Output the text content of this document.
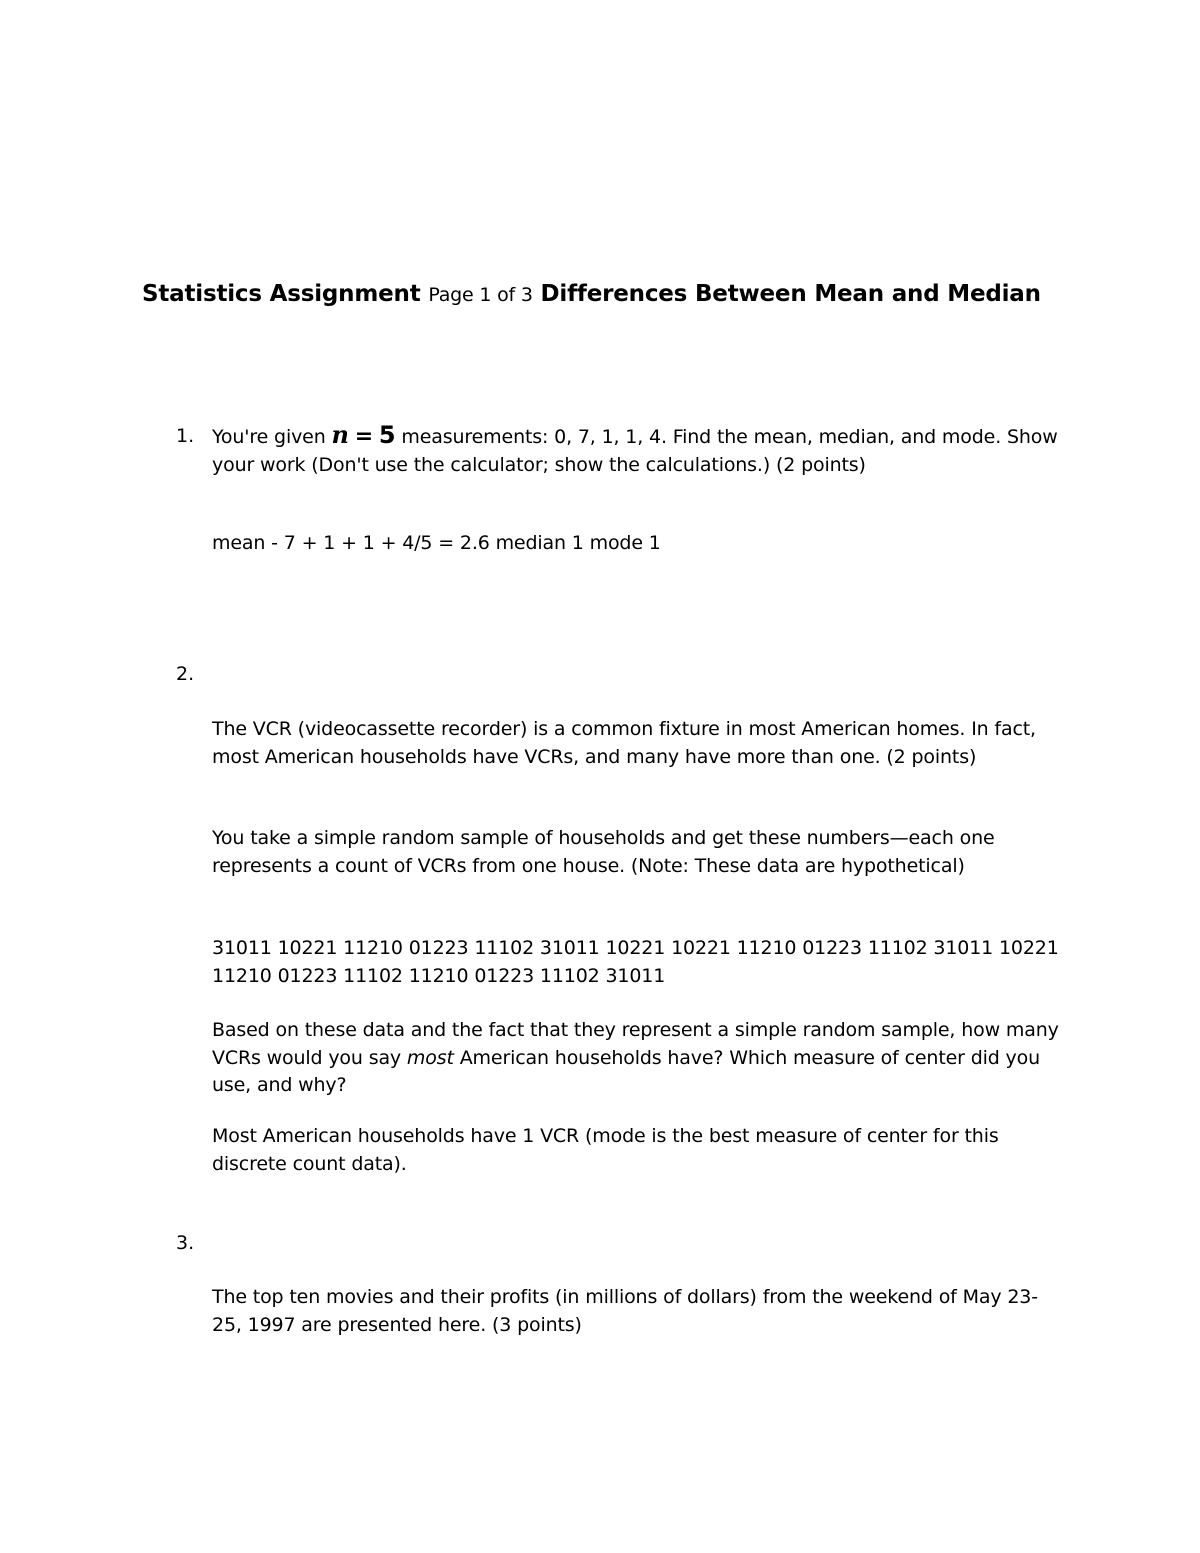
Statistics Assignment Page 1 of 3 Differences Between Mean and Median
1. You're given n = 5 measurements: 0, 7, 1, 1, 4. Find the mean, median, and mode. Show your work (Don't use the calculator; show the calculations.) (2 points)
mean - 7 + 1 + 1 + 4/5 = 2.6 median 1 mode 1
2.
The VCR (videocassette recorder) is a common fixture in most American homes. In fact, most American households have VCRs, and many have more than one. (2 points)
You take a simple random sample of households and get these numbers—each one represents a count of VCRs from one house. (Note: These data are hypothetical)
31011 10221 11210 01223 11102 31011 10221 10221 11210 01223 11102 31011 10221 11210 01223 11102 11210 01223 11102 31011
Based on these data and the fact that they represent a simple random sample, how many VCRs would you say most American households have? Which measure of center did you use, and why?
Most American households have 1 VCR (mode is the best measure of center for this discrete count data).
3.
The top ten movies and their profits (in millions of dollars) from the weekend of May 23- 25, 1997 are presented here. (3 points)
